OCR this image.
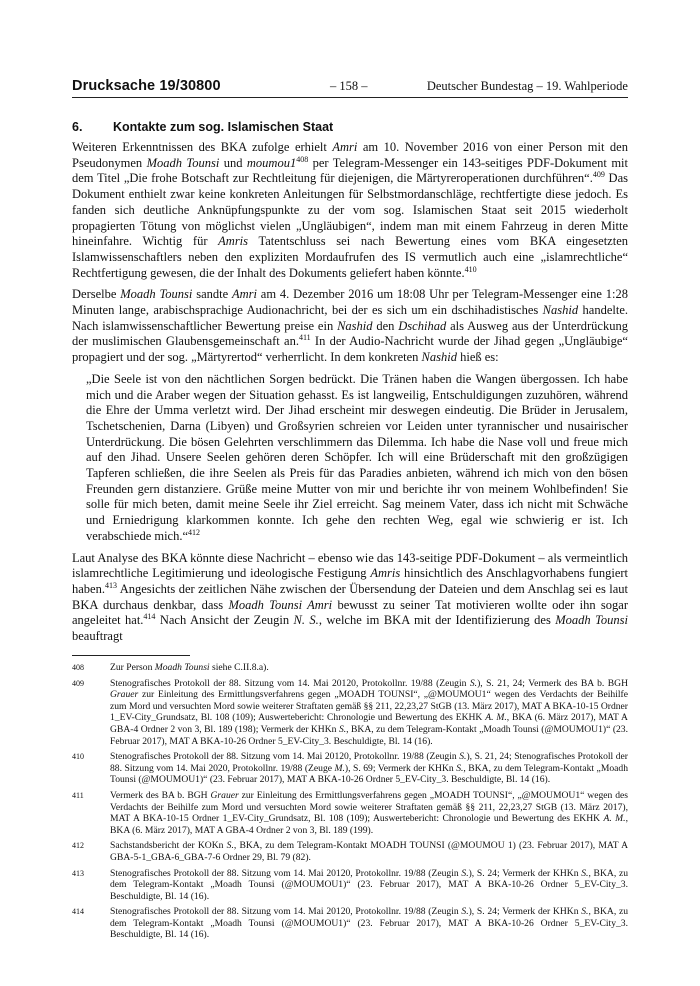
Drucksache 19/30800	– 158 –	Deutscher Bundestag – 19. Wahlperiode
6. Kontakte zum sog. Islamischen Staat

Weiteren Erkenntnissen des BKA zufolge erhielt Amri am 10. November 2016 von einer Person mit den Pseudonymen Moadh Tounsi und $moumou1^{408}$ per Telegram-Messenger ein 143-seitiges PDF-Dokument mit dem Titel „Die frohe Botschaft zur Rechtleitung für diejenigen, die Märtyreroperationen durchführen“.$^{409}$ Das Dokument enthielt zwar keine konkreten Anleitungen für Selbstmordanschläge, rechtfertigte diese jedoch. Es fanden sich deutliche Anknüpfungspunkte zu der vom sog. Islamischen Staat seit 2015 wiederholt propagierten Tötung von möglichst vielen „Ungläubigen“, indem man mit einem Fahrzeug in deren Mitte hineinfahre. Wichtig für Amris Tatentschluss sei nach Bewertung eines vom BKA eingesetzten Islamwissenschaftlers neben den expliziten Mordaufrufen des IS vermutlich auch eine „islamrechtliche“ Rechtfertigung gewesen, die der Inhalt des Dokuments geliefert haben könnte.$^{410}$

Derselbe Moadh Tounsi sandte Amri am 4. Dezember 2016 um 18:08 Uhr per Telegram-Messenger eine 1:28 Minuten lange, arabischsprachige Audionachricht, bei der es sich um ein dschihadistisches Nashid handelte. Nach islamwissenschaftlicher Bewertung preise ein Nashid den Dschihad als Ausweg aus der Unterdrückung der muslimischen Glaubensgemeinschaft an.$^{411}$ In der Audio-Nachricht wurde der Jihad gegen „Ungläubige“ propagiert und der sog. „Märtyrertod“ verherrlicht. In dem konkreten Nashid hieß es:

„Die Seele ist von den nächtlichen Sorgen bedrückt. Die Tränen haben die Wangen übergossen. Ich habe mich und die Araber wegen der Situation gehasst. Es ist langweilig, Entschuldigungen zuzuhören, während die Ehre der Umma verletzt wird. Der Jihad erscheint mir deswegen eindeutig. Die Brüder in Jerusalem, Tschetschenien, Darna (Libyen) und Großsyrien schreien vor Leiden unter tyrannischer und nusairischer Unterdrückung. Die bösen Gelehrten verschlimmern das Dilemma. Ich habe die Nase voll und freue mich auf den Jihad. Unsere Seelen gehören deren Schöpfer. Ich will eine Brüderschaft mit den großzügigen Tapferen schließen, die ihre Seelen als Preis für das Paradies anbieten, während ich mich von den bösen Freunden gern distanziere. Grüße meine Mutter von mir und berichte ihr von meinem Wohlbefinden! Sie solle für mich beten, damit meine Seele ihr Ziel erreicht. Sag meinem Vater, dass ich nicht mit Schwäche und Erniedrigung klarkommen konnte. Ich gehe den rechten Weg, egal wie schwierig er ist. Ich verabschiede mich.“$^{412}$

Laut Analyse des BKA könnte diese Nachricht – ebenso wie das 143-seitige PDF-Dokument – als vermeintlich islamrechtliche Legitimierung und ideologische Festigung Amris hinsichtlich des Anschlagvorhabens fungiert haben.$^{413}$ Angesichts der zeitlichen Nähe zwischen der Übersendung der Dateien und dem Anschlag sei es laut BKA durchaus denkbar, dass Moadh Tounsi Amri bewusst zu seiner Tat motivieren wollte oder ihn sogar angeleitet hat.$^{414}$ Nach Ansicht der Zeugin N. S., welche im BKA mit der Identifizierung des Moadh Tounsi beauftragt

408	Zur Person Moadh Tounsi siehe C.II.8.a).
409	Stenografisches Protokoll der 88. Sitzung vom 14. Mai 20120, Protokollnr. 19/88 (Zeugin S.), S. 21, 24; Vermerk des BA b. BGH Grauer zur Einleitung des Ermittlungsverfahrens gegen „MOADH TOUNSI“, „@MOUMOU1“ wegen des Verdachts der Beihilfe zum Mord und versuchten Mord sowie weiterer Straftaten gemäß §§ 211, 22,23,27 StGB (13. März 2017), MAT A BKA-10-15 Ordner 1_EV-City_Grundsatz, Bl. 108 (109); Auswertebericht: Chronologie und Bewertung des EKHK A. M., BKA (6. März 2017), MAT A GBA-4 Ordner 2 von 3, Bl. 189 (198); Vermerk der KHKn S., BKA, zu dem Telegram-Kontakt „Moadh Tounsi (@MOUMOU1)“ (23. Februar 2017), MAT A BKA-10-26 Ordner 5_EV-City_3. Beschuldigte, Bl. 14 (16).
410	Stenografisches Protokoll der 88. Sitzung vom 14. Mai 20120, Protokollnr. 19/88 (Zeugin S.), S. 21, 24; Stenografisches Protokoll der 88. Sitzung vom 14. Mai 2020, Protokollnr. 19/88 (Zeuge M.), S. 69; Vermerk der KHKn S., BKA, zu dem Telegram-Kontakt „Moadh Tounsi (@MOUMOU1)“ (23. Februar 2017), MAT A BKA-10-26 Ordner 5_EV-City_3. Beschuldigte, Bl. 14 (16).
411	Vermerk des BA b. BGH Grauer zur Einleitung des Ermittlungsverfahrens gegen „MOADH TOUNSI“, „@MOUMOU1“ wegen des Verdachts der Beihilfe zum Mord und versuchten Mord sowie weiterer Straftaten gemäß §§ 211, 22,23,27 StGB (13. März 2017), MAT A BKA-10-15 Ordner 1_EV-City_Grundsatz, Bl. 108 (109); Auswertebericht: Chronologie und Bewertung des EKHK A. M., BKA (6. März 2017), MAT A GBA-4 Ordner 2 von 3, Bl. 189 (199).
412	Sachstandsbericht der KOKn S., BKA, zu dem Telegram-Kontakt MOADH TOUNSI (@MOUMOU 1) (23. Februar 2017), MAT A GBA-5-1_GBA-6_GBA-7-6 Ordner 29, Bl. 79 (82).
413	Stenografisches Protokoll der 88. Sitzung vom 14. Mai 20120, Protokollnr. 19/88 (Zeugin S.), S. 24; Vermerk der KHKn S., BKA, zu dem Telegram-Kontakt „Moadh Tounsi (@MOUMOU1)“ (23. Februar 2017), MAT A BKA-10-26 Ordner 5_EV-City_3. Beschuldigte, Bl. 14 (16).
414	Stenografisches Protokoll der 88. Sitzung vom 14. Mai 20120, Protokollnr. 19/88 (Zeugin S.), S. 24; Vermerk der KHKn S., BKA, zu dem Telegram-Kontakt „Moadh Tounsi (@MOUMOU1)“ (23. Februar 2017), MAT A BKA-10-26 Ordner 5_EV-City_3. Beschuldigte, Bl. 14 (16).
